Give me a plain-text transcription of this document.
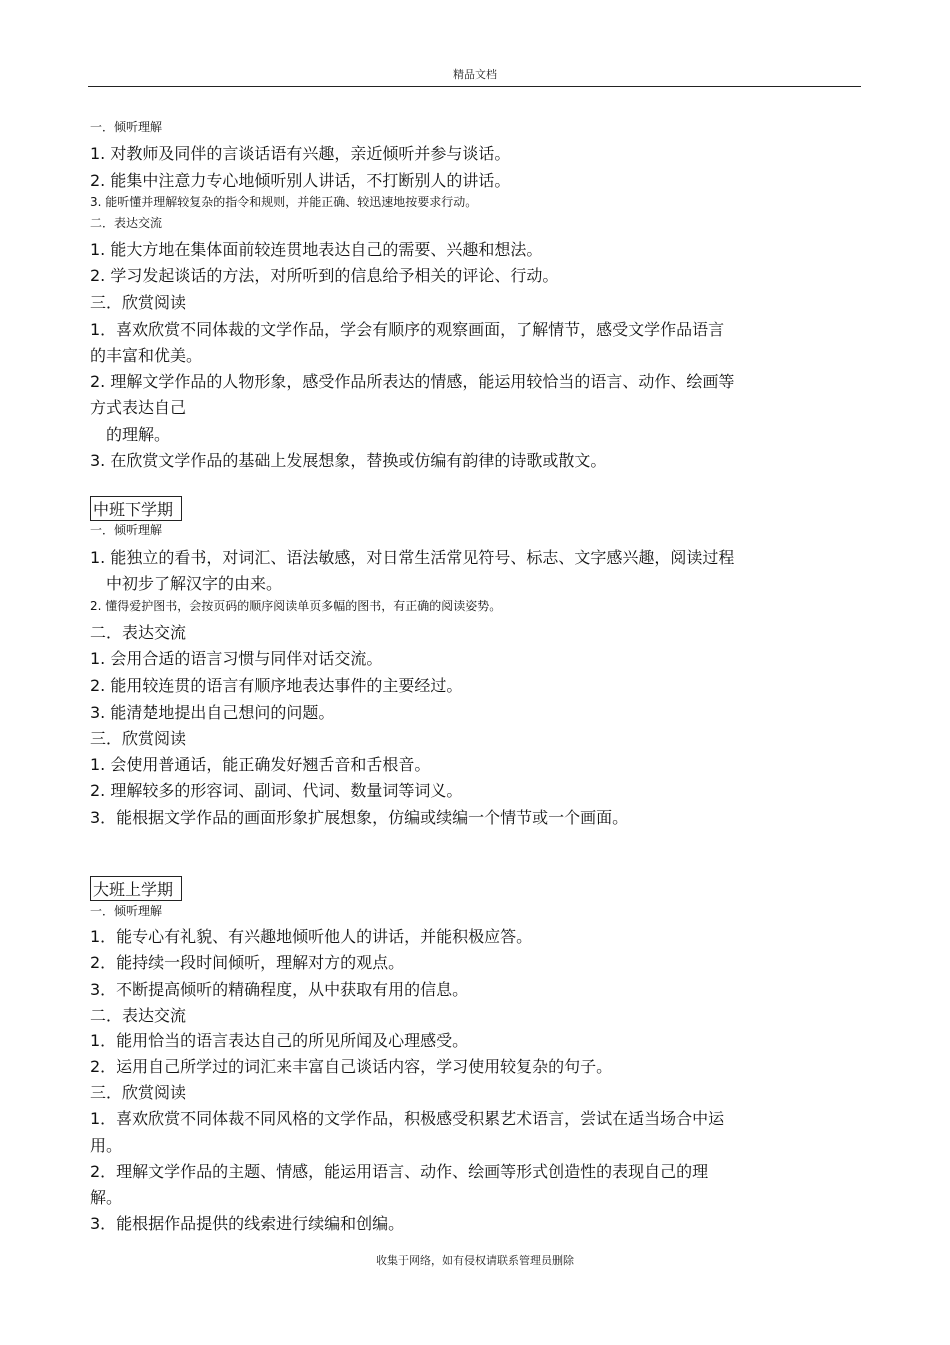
精品文档
一．倾听理解
1. 对教师及同伴的言谈话语有兴趣，亲近倾听并参与谈话。
2. 能集中注意力专心地倾听别人讲话，不打断别人的讲话。
3. 能听懂并理解较复杂的指令和规则，并能正确、较迅速地按要求行动。
二．表达交流
1. 能大方地在集体面前较连贯地表达自己的需要、兴趣和想法。
2. 学习发起谈话的方法，对所听到的信息给予相关的评论、行动。
三．欣赏阅读
1．喜欢欣赏不同体裁的文学作品，学会有顺序的观察画面，了解情节，感受文学作品语言
的丰富和优美。
2. 理解文学作品的人物形象，感受作品所表达的情感，能运用较恰当的语言、动作、绘画等
方式表达自己
的理解。
3. 在欣赏文学作品的基础上发展想象，替换或仿编有韵律的诗歌或散文。
中班下学期
一．倾听理解
1. 能独立的看书，对词汇、语法敏感，对日常生活常见符号、标志、文字感兴趣，阅读过程
中初步了解汉字的由来。
2. 懂得爱护图书，会按页码的顺序阅读单页多幅的图书，有正确的阅读姿势。
二．表达交流
1. 会用合适的语言习惯与同伴对话交流。
2. 能用较连贯的语言有顺序地表达事件的主要经过。
3. 能清楚地提出自己想问的问题。
三．欣赏阅读
1. 会使用普通话，能正确发好翘舌音和舌根音。
2. 理解较多的形容词、副词、代词、数量词等词义。
3．能根据文学作品的画面形象扩展想象，仿编或续编一个情节或一个画面。
大班上学期
一．倾听理解
1．能专心有礼貌、有兴趣地倾听他人的讲话，并能积极应答。
2．能持续一段时间倾听，理解对方的观点。
3．不断提高倾听的精确程度，从中获取有用的信息。
二．表达交流
1．能用恰当的语言表达自己的所见所闻及心理感受。
2．运用自己所学过的词汇来丰富自己谈话内容，学习使用较复杂的句子。
三．欣赏阅读
1．喜欢欣赏不同体裁不同风格的文学作品，积极感受积累艺术语言，尝试在适当场合中运
用。
2．理解文学作品的主题、情感，能运用语言、动作、绘画等形式创造性的表现自己的理
解。
3．能根据作品提供的线索进行续编和创编。
收集于网络，如有侵权请联系管理员删除
